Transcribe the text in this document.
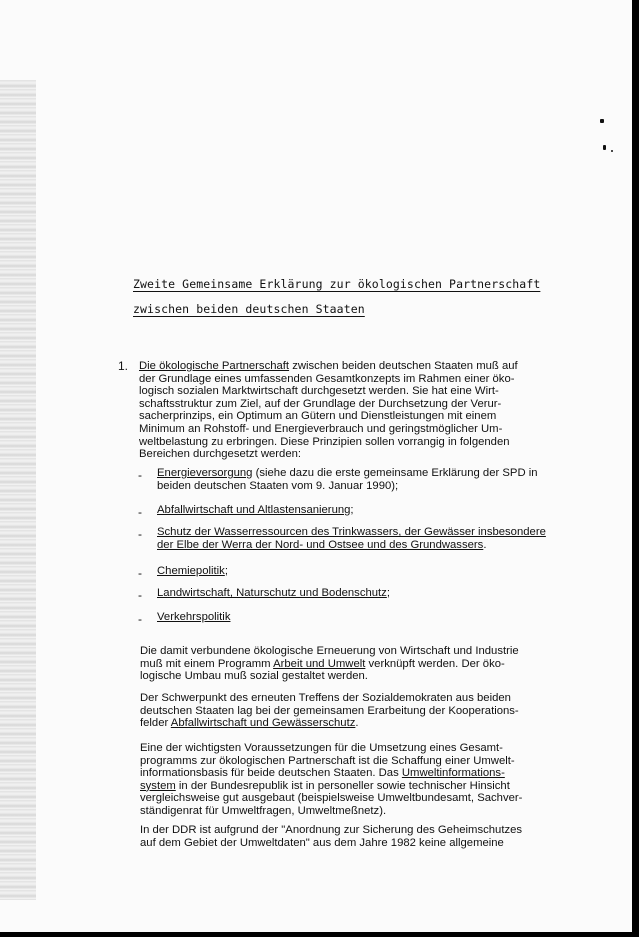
Zweite Gemeinsame Erklärung zur ökologischen Partnerschaft
zwischen beiden deutschen Staaten
1. Die ökologische Partnerschaft zwischen beiden deutschen Staaten muß auf
der Grundlage eines umfassenden Gesamtkonzepts im Rahmen einer öko-
logisch sozialen Marktwirtschaft durchgesetzt werden. Sie hat eine Wirt-
schaftsstruktur zum Ziel, auf der Grundlage der Durchsetzung der Verur-
sacherprinzips, ein Optimum an Gütern und Dienstleistungen mit einem
Minimum an Rohstoff- und Energieverbrauch und geringstmöglicher Um-
weltbelastung zu erbringen. Diese Prinzipien sollen vorrangig in folgenden
Bereichen durchgesetzt werden:
- Energieversorgung (siehe dazu die erste gemeinsame Erklärung der SPD in
beiden deutschen Staaten vom 9. Januar 1990);
- Abfallwirtschaft und Altlastensanierung;
- Schutz der Wasserressourcen des Trinkwassers, der Gewässer insbesondere
der Elbe der Werra der Nord- und Ostsee und des Grundwassers.
- Chemiepolitik;
- Landwirtschaft, Naturschutz und Bodenschutz;
- Verkehrspolitik
Die damit verbundene ökologische Erneuerung von Wirtschaft und Industrie
muß mit einem Programm Arbeit und Umwelt verknüpft werden. Der öko-
logische Umbau muß sozial gestaltet werden.
Der Schwerpunkt des erneuten Treffens der Sozialdemokraten aus beiden
deutschen Staaten lag bei der gemeinsamen Erarbeitung der Kooperations-
felder Abfallwirtschaft und Gewässerschutz.
Eine der wichtigsten Voraussetzungen für die Umsetzung eines Gesamt-
programms zur ökologischen Partnerschaft ist die Schaffung einer Umwelt-
informationsbasis für beide deutschen Staaten. Das Umweltinformations-
system in der Bundesrepublik ist in personeller sowie technischer Hinsicht
vergleichsweise gut ausgebaut (beispielsweise Umweltbundesamt, Sachver-
ständigenrat für Umweltfragen, Umweltmeßnetz).
In der DDR ist aufgrund der "Anordnung zur Sicherung des Geheimschutzes
auf dem Gebiet der Umweltdaten" aus dem Jahre 1982 keine allgemeine
